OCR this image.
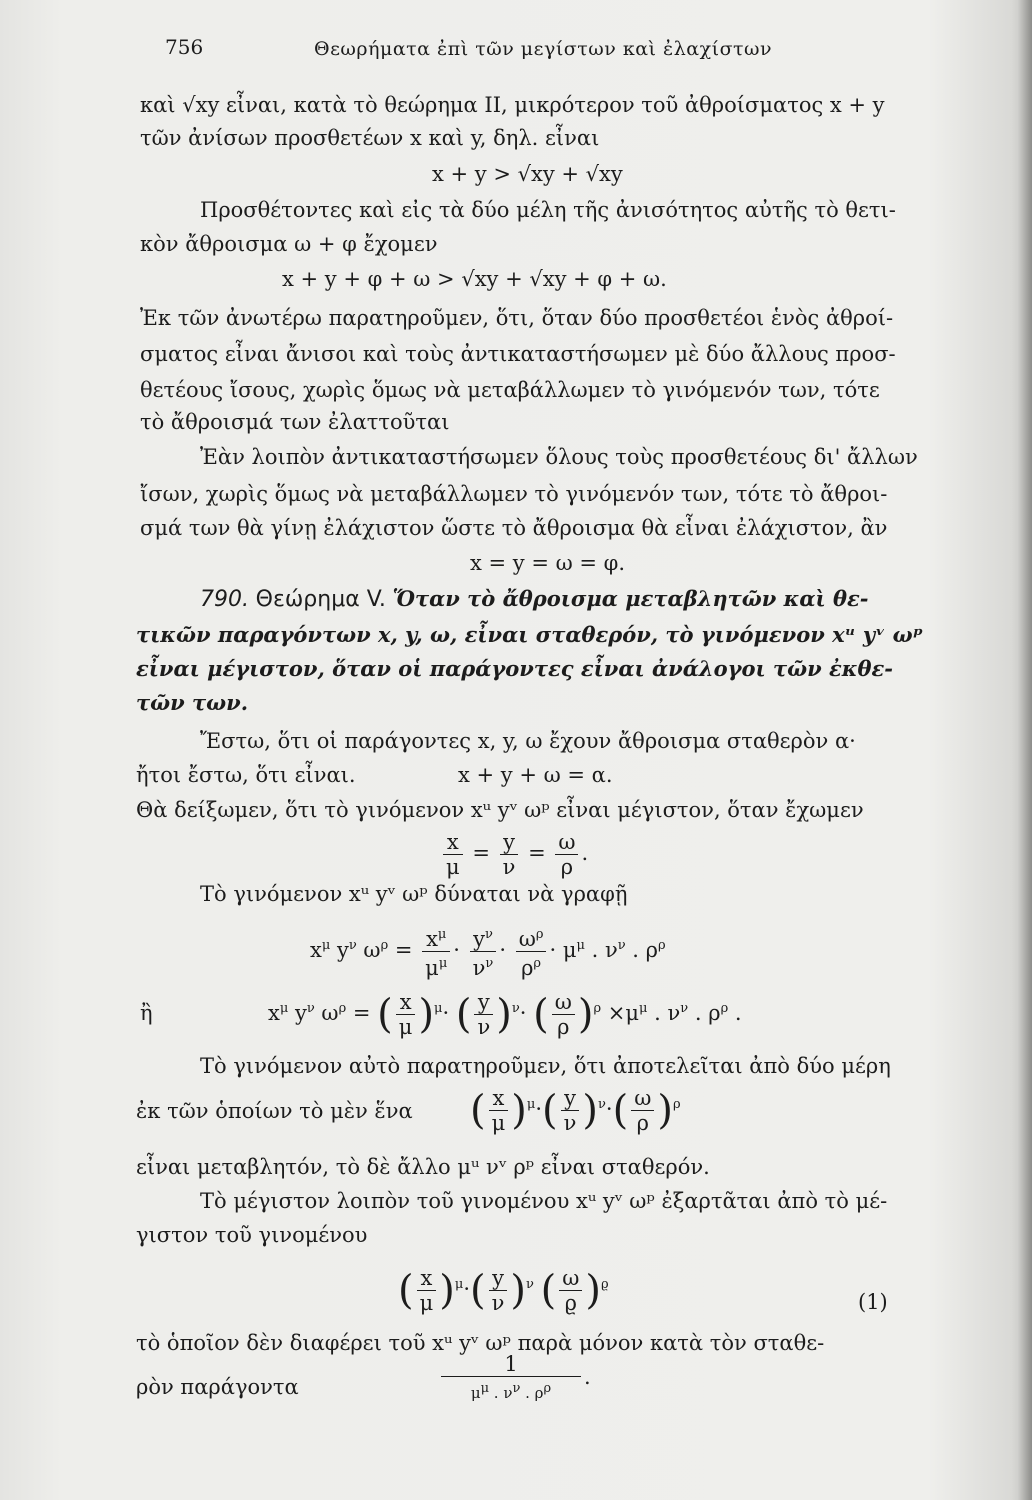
756	Θεωρήματα ἐπὶ τῶν μεγίστων καὶ ἐλαχίστων
καὶ √xy εἶναι, κατὰ τὸ θεώρημα II, μικρότερον τοῦ ἀθροίσματος x + y
τῶν ἀνίσων προσθετέων x καὶ y, δηλ. εἶναι
x + y > √xy + √xy
Προσθέτοντες καὶ εἰς τὰ δύο μέλη τῆς ἀνισότητος αὐτῆς τὸ θετι-
κὸν ἄθροισμα ω + φ ἔχομεν
x + y + φ + ω > √xy + √xy + φ + ω.
Ἐκ τῶν ἀνωτέρω παρατηροῦμεν, ὅτι, ὅταν δύο προσθετέοι ἑνὸς ἀθροί-
σματος εἶναι ἄνισοι καὶ τοὺς ἀντικαταστήσωμεν μὲ δύο ἄλλους προσ-
θετέους ἴσους, χωρὶς ὅμως νὰ μεταβάλλωμεν τὸ γινόμενόν των, τότε
τὸ ἄθροισμά των ἐλαττοῦται
Ἐὰν λοιπὸν ἀντικαταστήσωμεν ὅλους τοὺς προσθετέους δι' ἄλλων
ἴσων, χωρὶς ὅμως νὰ μεταβάλλωμεν τὸ γινόμενόν των, τότε τὸ ἄθροι-
σμά των θὰ γίνῃ ἐλάχιστον ὥστε τὸ ἄθροισμα θὰ εἶναι ἐλάχιστον, ἂν
x = y = ω = φ.
790. Θεώρημα V. Ὅταν τὸ ἄθροισμα μεταβλητῶν καὶ θε-
τικῶν παραγόντων x, y, ω, εἶναι σταθερόν, τὸ γινόμενον xᵘ yᵛ ωᵖ
εἶναι μέγιστον, ὅταν οἱ παράγοντες εἶναι ἀνάλογοι τῶν ἐκθε-
τῶν των.
Ἔστω, ὅτι οἱ παράγοντες x, y, ω ἔχουν ἄθροισμα σταθερὸν α·
ἤτοι ἔστω, ὅτι εἶναι.	x + y + ω = α.
Θὰ δείξωμεν, ὅτι τὸ γινόμενον xᵘ yᵛ ωᵖ εἶναι μέγιστον, ὅταν ἔχωμεν
$\frac{x}{\mu} = \frac{y}{\nu} = \frac{\omega}{\rho}$ .
Τὸ γινόμενον xᵘ yᵛ ωᵖ δύναται νὰ γραφῇ
$x^\mu$ $y^\nu$ $\omega^\rho = \frac{x^\mu}{\mu^\mu} \cdot \frac{y^\nu}{\nu^\nu} \cdot \frac{\omega^\rho}{\rho^\rho} \cdot \mu^\mu$ . $\nu^\nu$ . $\rho^\rho$
ἢ	$x^\mu$ $y^\nu$ $\omega^\rho$ = ( $\frac{x}{\mu} )^\mu\cdot$ ( $\frac{y}{\nu} )^\nu\cdot$ ( $\frac{\omega}{\rho} )^\rho \times\mu^\mu$ . $\nu^\nu$ . $\rho^\rho$ .
Τὸ γινόμενον αὐτὸ παρατηροῦμεν, ὅτι ἀποτελεῖται ἀπὸ δύο μέρη
ἐκ τῶν ὁποίων τὸ μὲν ἕνα ( $\frac{x}{\mu} )^\mu\cdot( \frac{y}{\nu} )^\nu\cdot( \frac{\omega}{\rho} )^\rho$
εἶναι μεταβλητόν, τὸ δὲ ἄλλο μᵘ νᵛ ρᵖ εἶναι σταθερόν.
Τὸ μέγιστον λοιπὸν τοῦ γινομένου xᵘ yᵛ ωᵖ ἐξαρτᾶται ἀπὸ τὸ μέ-
γιστον τοῦ γινομένου
( $\frac{x}{\mu} )^\mu\cdot( \frac{y}{\nu} )^\nu$ ( $\frac{\omega}{ϱ} )^ϱ$
(1)
τὸ ὁποῖον δὲν διαφέρει τοῦ xᵘ yᵛ ωᵖ παρὰ μόνον κατὰ τὸν σταθε-
ρὸν παράγοντα	$\frac{1}{\mu^\mu . \nu^\nu . \rho^\rho}$ .
